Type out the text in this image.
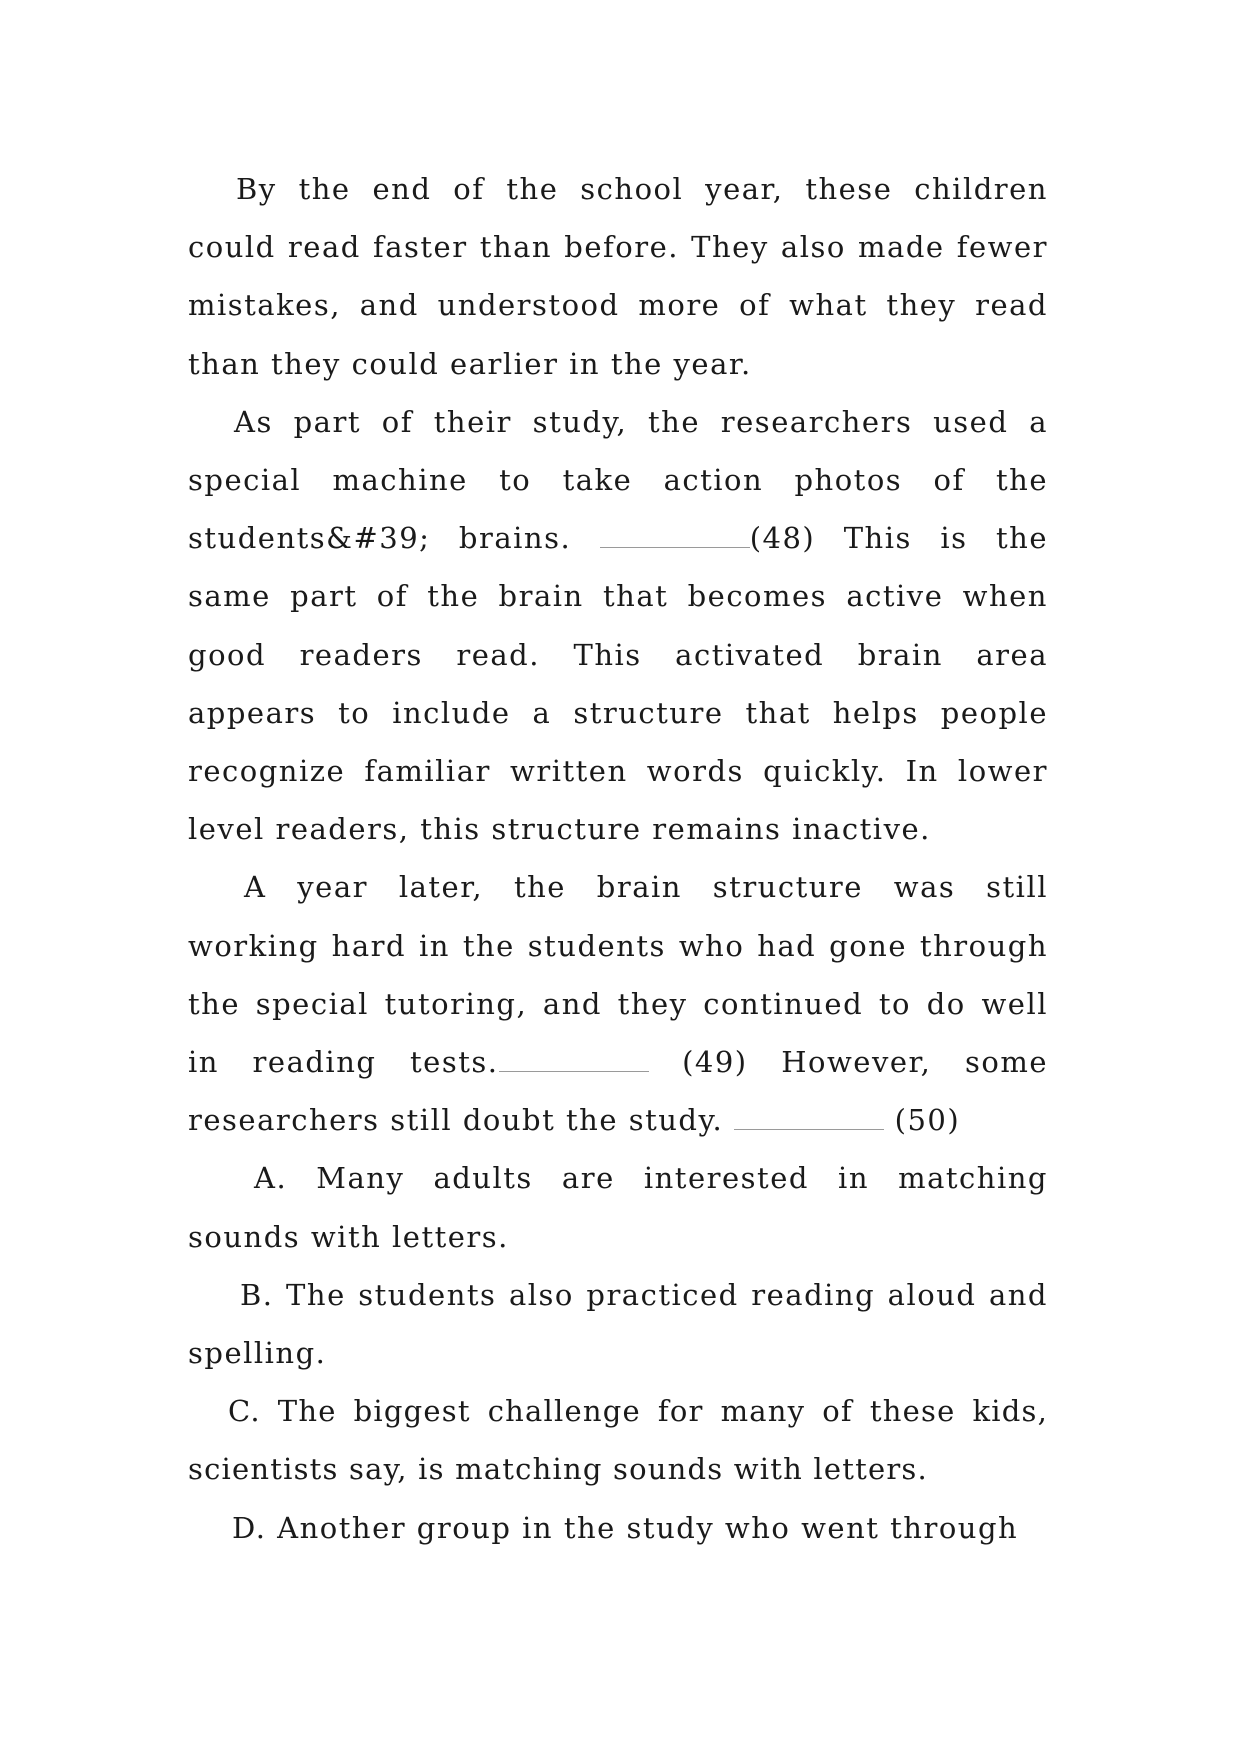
By the end of the school year, these children could read faster than before. They also made fewer mistakes, and understood more of what they read than they could earlier in the year.

As part of their study, the researchers used a special machine to take action photos of the students&#39; brains.	(48) This is the same part of the brain that becomes active when good readers read. This activated brain area appears to include a structure that helps people recognize familiar written words quickly. In lower level readers, this structure remains inactive.

A year later, the brain structure was still working hard in the students who had gone through the special tutoring, and they continued to do well in reading tests.	(49) However, some researchers still doubt the study.	(50)

A. Many adults are interested in matching sounds with letters.

B. The students also practiced reading aloud and spelling.

C. The biggest challenge for many of these kids, scientists say, is matching sounds with letters.

D. Another group in the study who went through
